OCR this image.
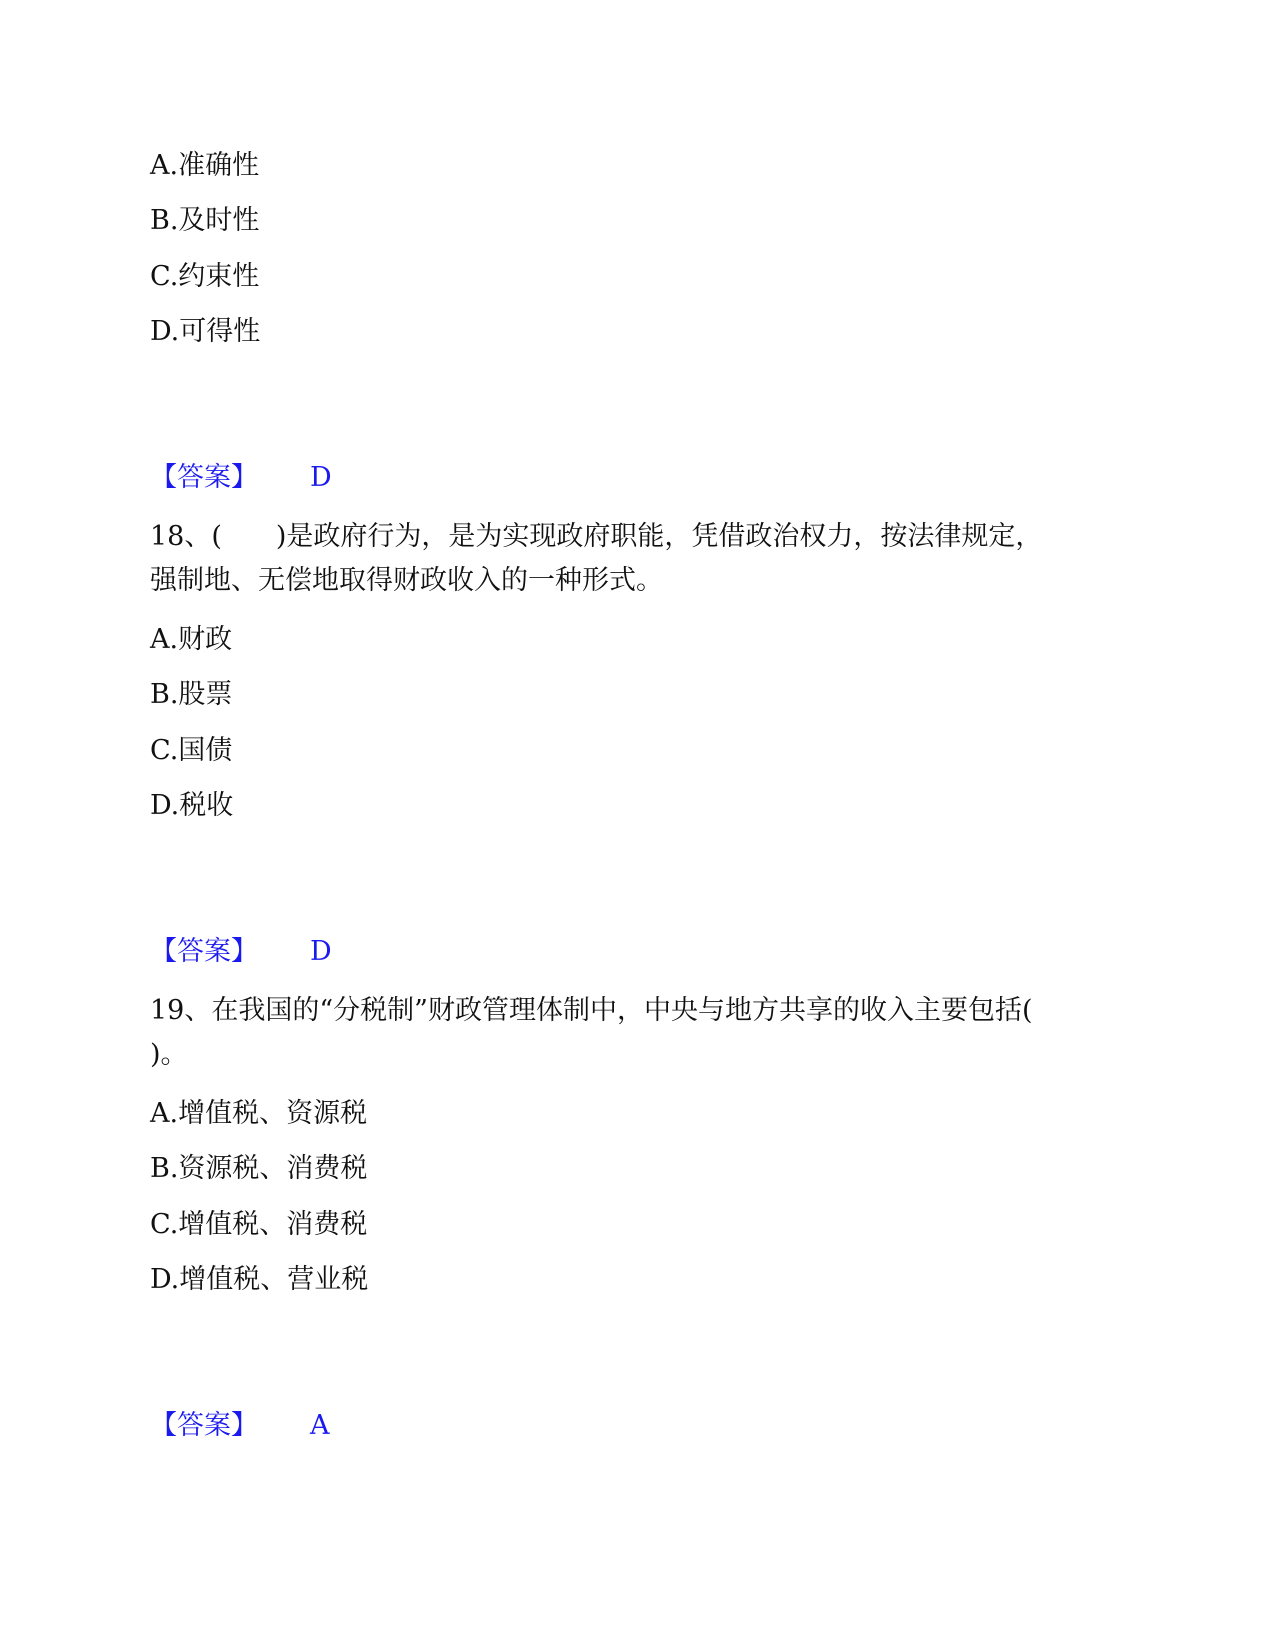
A.准确性
B.及时性
C.约束性
D.可得性
【答案】 D
18、(　　)是政府行为，是为实现政府职能，凭借政治权力，按法律规定，
强制地、无偿地取得财政收入的一种形式。
A.财政
B.股票
C.国债
D.税收
【答案】 D
19、在我国的“分税制”财政管理体制中，中央与地方共享的收入主要包括(
)。
A.增值税、资源税
B.资源税、消费税
C.增值税、消费税
D.增值税、营业税
【答案】 A
